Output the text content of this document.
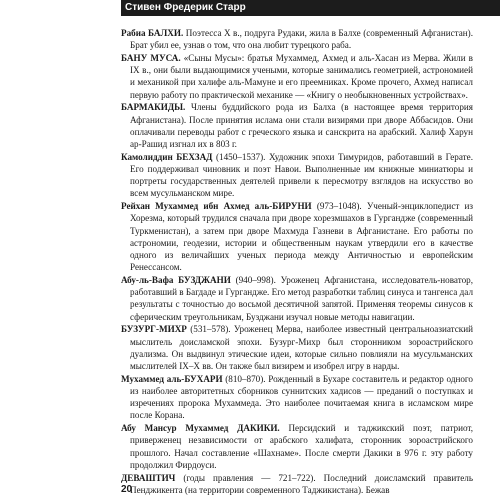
Стивен Фредерик Старр

Рабиа БАЛХИ. Поэтесса X в., подруга Рудаки, жила в Балхе (современный Афганистан). Брат убил ее, узнав о том, что она любит турецкого раба.

БАНУ МУСА. «Сыны Мусы»: братья Мухаммед, Ахмед и аль-Хасан из Мерва. Жили в IX в., они были выдающимися учеными, которые занимались геометрией, астрономией и механикой при халифе аль-Мамуне и его преемниках. Кроме прочего, Ахмед написал первую работу по практической механике — «Книгу о необыкновенных устройствах».

БАРМАКИДЫ. Члены буддийского рода из Балха (в настоящее время территория Афганистана). После принятия ислама они стали визирями при дворе Аббасидов. Они оплачивали переводы работ с греческого языка и санскрита на арабский. Халиф Харун ар-Рашид изгнал их в 803 г.

Камолиддин БЕХЗАД (1450–1537). Художник эпохи Тимуридов, работавший в Герате. Его поддерживал чиновник и поэт Навои. Выполненные им книжные миниатюры и портреты государственных деятелей привели к пересмотру взглядов на искусство во всем мусульманском мире.

Рейхан Мухаммед ибн Ахмед аль-БИРУНИ (973–1048). Ученый-энциклопедист из Хорезма, который трудился сначала при дворе хорезмшахов в Гургандже (современный Туркменистан), а затем при дворе Махмуда Газневи в Афганистане. Его работы по астрономии, геодезии, истории и общественным наукам утвердили его в качестве одного из величайших ученых периода между Античностью и европейским Ренессансом.

Абу-ль-Вафа БУЗДЖАНИ (940–998). Уроженец Афганистана, исследователь-новатор, работавший в Багдаде и Гургандже. Его метод разработки таблиц синуса и тангенса дал результаты с точностью до восьмой десятичной запятой. Применяя теоремы синусов к сферическим треугольникам, Бузджани изучал новые методы навигации.

БУЗУРГ-МИХР (531–578). Уроженец Мерва, наиболее известный центральноазиатский мыслитель доисламской эпохи. Бузург-Михр был сторонником зороастрийского дуализма. Он выдвинул этические идеи, которые сильно повлияли на мусульманских мыслителей IX–X вв. Он также был визирем и изобрел игру в нарды.

Мухаммед аль-БУХАРИ (810–870). Рожденный в Бухаре составитель и редактор одного из наиболее авторитетных сборников суннитских хадисов — преданий о поступках и изречениях пророка Мухаммеда. Это наиболее почитаемая книга в исламском мире после Корана.

Абу Мансур Мухаммед ДАКИКИ. Персидский и таджикский поэт, патриот, приверженец независимости от арабского халифата, сторонник зороастрийского прошлого. Начал составление «Шахнаме». После смерти Дакики в 976 г. эту работу продолжил Фирдоуси.

ДЕВАШТИЧ (годы правления — 721–722). Последний доисламский правитель Пенджикента (на территории современного Таджикистана). Бежав

20
